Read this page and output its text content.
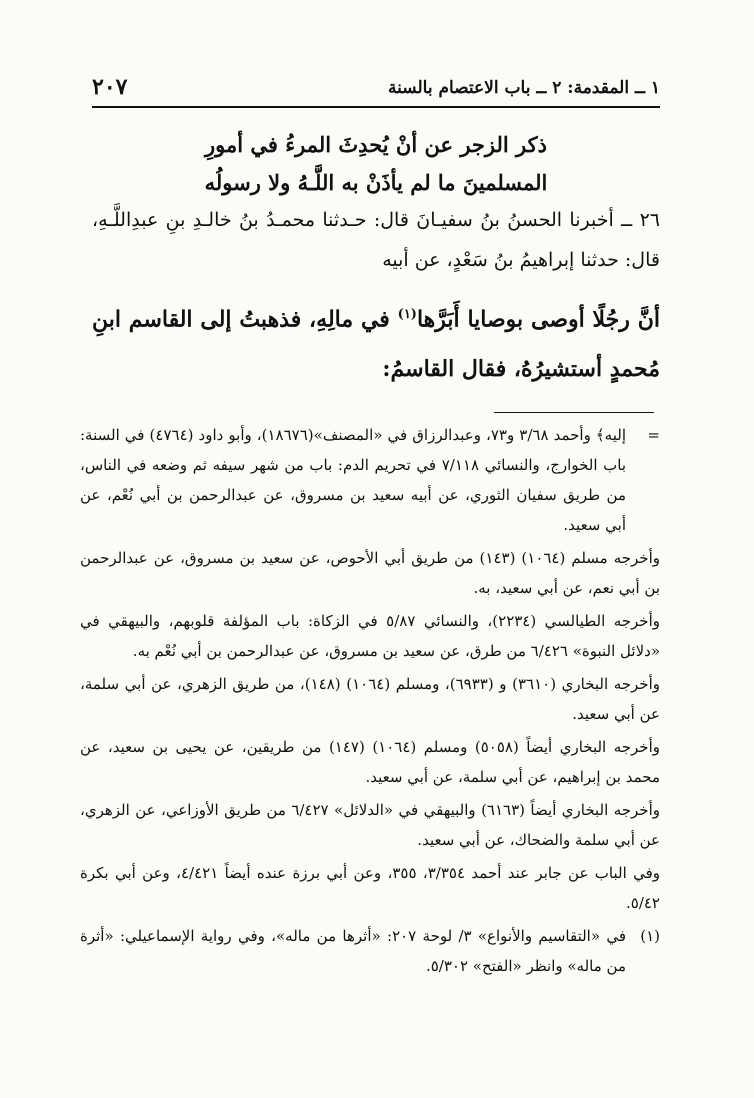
١ ــ المقدمة: ٢ ــ باب الاعتصام بالسنة
٢٠٧
ذكر الزجر عن أنْ يُحدِثَ المرءُ في أمورِ
المسلمينَ ما لم يأذَنْ به اللَّـهُ ولا رسولُه

٢٦ ــ أخبرنا الحسنُ بنُ سفيـانَ قال: حـدثنا محمـدُ بنُ خالـدِ بنِ عبدِاللَّـهِ، قال: حدثنا إبراهيمُ بنُ سَعْدٍ، عن أبيه

أنَّ رجُلًا أوصى بوصايا أَبَرَّها$^{(١)}$ في مالِهِ، فذهبتُ إلى القاسم ابنِ مُحمدٍ أستشيرُهُ، فقال القاسمُ:

=
إليه﴾ وأحمد ٣/٦٨ و٧٣، وعبدالرزاق في «المصنف»(١٨٦٧٦)، وأبو داود (٤٧٦٤) في السنة: باب الخوارج، والنسائي ٧/١١٨ في تحريم الدم: باب من شهر سيفه ثم وضعه في الناس، من طريق سفيان الثوري، عن أبيه سعيد بن مسروق، عن عبدالرحمن بن أبي نُعْم، عن أبي سعيد.

وأخرجه مسلم (١٠٦٤) (١٤٣) من طريق أبي الأحوص، عن سعيد بن مسروق، عن عبدالرحمن بن أبي نعم، عن أبي سعيد، به.

وأخرجه الطيالسي (٢٢٣٤)، والنسائي ٥/٨٧ في الزكاة: باب المؤلفة قلوبهم، والبيهقي في «دلائل النبوة» ٦/٤٢٦ من طرق، عن سعيد بن مسروق، عن عبدالرحمن بن أبي نُعْم به.

وأخرجه البخاري (٣٦١٠) و (٦٩٣٣)، ومسلم (١٠٦٤) (١٤٨)، من طريق الزهري، عن أبي سلمة، عن أبي سعيد.

وأخرجه البخاري أيضاً (٥٠٥٨) ومسلم (١٠٦٤) (١٤٧) من طريقين، عن يحيى بن سعيد، عن محمد بن إبراهيم، عن أبي سلمة، عن أبي سعيد.

وأخرجه البخاري أيضاً (٦١٦٣) والبيهقي في «الدلائل» ٦/٤٢٧ من طريق الأوزاعي، عن الزهري، عن أبي سلمة والضحاك، عن أبي سعيد.

وفي الباب عن جابر عند أحمد ٣/٣٥٤، ٣٥٥، وعن أبي برزة عنده أيضاً ٤/٤٢١، وعن أبي بكرة ٥/٤٢.

(١)
في «التقاسيم والأنواع» ٣/ لوحة ٢٠٧: «أثرها من ماله»، وفي رواية الإسماعيلي: «أثرة من ماله» وانظر «الفتح» ٥/٣٠٢.
